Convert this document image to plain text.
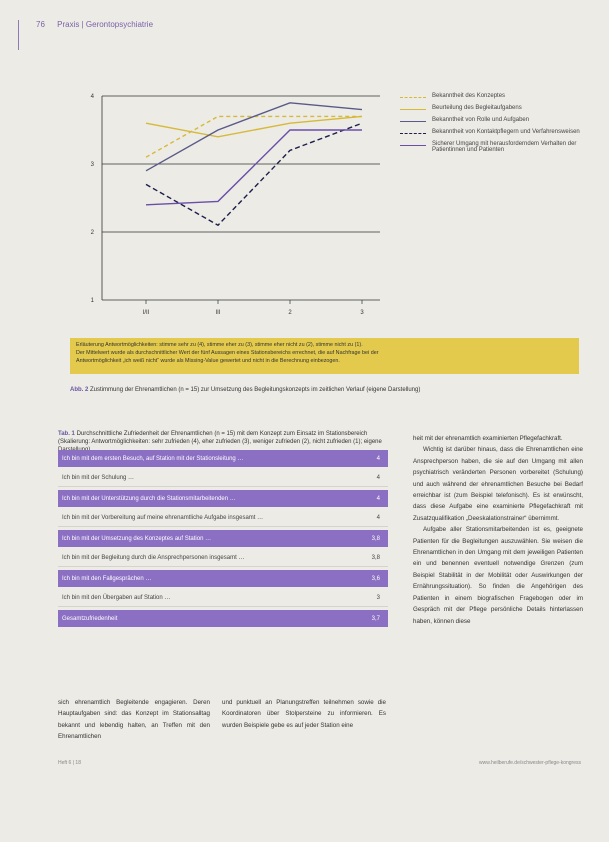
76 Praxis | Gerontopsychiatrie
1
2
3
4
I/II	III	2	3
Bekanntheit des Konzeptes
Beurteilung des Begleitaufgabens
Bekanntheit von Rolle und Aufgaben
Bekanntheit von Kontaktpflegern und Verfahrensweisen
Sicherer Umgang mit herausforderndem Verhalten der Patientinnen und Patienten
Erläuterung Antwortmöglichkeiten: stimme sehr zu (4), stimme eher zu (3), stimme eher nicht zu (2), stimme nicht zu (1).
Der Mittelwert wurde als durchschnittlicher Wert der fünf Aussagen eines Stationsbereichs errechnet, die auf Nachfrage bei der
Antwortmöglichkeit „ich weiß nicht“ wurde als Missing-Value gewertet und nicht in die Berechnung einbezogen.
Abb. 2 Zustimmung der Ehrenamtlichen (n = 15) zur Umsetzung des Begleitungskonzepts im zeitlichen Verlauf (eigene Darstellung)
Tab. 1 Durchschnittliche Zufriedenheit der Ehrenamtlichen (n = 15) mit dem Konzept zum Einsatz im Stationsbereich (Skalierung: Antwortmöglichkeiten: sehr zufrieden (4), eher zufrieden (3), weniger zufrieden (2), nicht zufrieden (1); eigene
Ich bin mit dem ersten Besuch, auf Station mit der Stationsleitung …	4
Ich bin mit der Schulung …	4
Ich bin mit der Unterstützung durch die Stationsmitarbeitenden …	4
Ich bin mit der Vorbereitung auf meine ehrenamtliche Aufgabe insgesamt …	4
Ich bin mit der Umsetzung des Konzeptes auf Station …	3,8
Ich bin mit der Begleitung durch die Ansprechpersonen insgesamt …	3,8
Ich bin mit den Fallgesprächen …	3,6
Ich bin mit den Übergaben auf Station …	3
Gesamtzufriedenheit	3,7

heit mit der ehrenamtlich examinierten Pflegefachkraft.

Wichtig ist darüber hinaus, dass die Ehrenamtlichen eine Ansprechperson haben, die sie auf den Umgang mit allen psychiatrisch veränderten Personen vorbereitet (Schulung) und auch während der ehrenamtlichen Besuche bei Bedarf erreichbar ist (zum Beispiel telefonisch). Es ist erwünscht, dass diese Aufgabe eine examinierte Pflegefachkraft mit Zusatzqualifikation „Deeskalationstrainer“ übernimmt.

Aufgabe aller Stationsmitarbeitenden ist es, geeignete Patienten für die Begleitungen auszuwählen. Sie weisen die Ehrenamtlichen in den Umgang mit dem jeweiligen Patienten ein und benennen eventuell notwendige Grenzen (zum Beispiel Stabilität in der Mobilität oder Auswirkungen der Ernährungssituation). So finden die Angehörigen des Patienten in einem biografischen Fragebogen oder im Gespräch mit der Pflege persönliche Details hinterlassen haben, können diese

sich ehrenamtlich Begleitende engagieren. Deren Hauptaufgaben sind: das Konzept im Stationsalltag bekannt und lebendig halten, an Treffen mit den Ehrenamtlichen

und punktuell an Planungstreffen teilnehmen sowie die Koordinatoren über Stolpersteine zu informieren. Es wurden Beispiele gebe es auf jeder Station eine

Heft 6 | 18	www.heilberufe.de/schwester-pflege-kongress
